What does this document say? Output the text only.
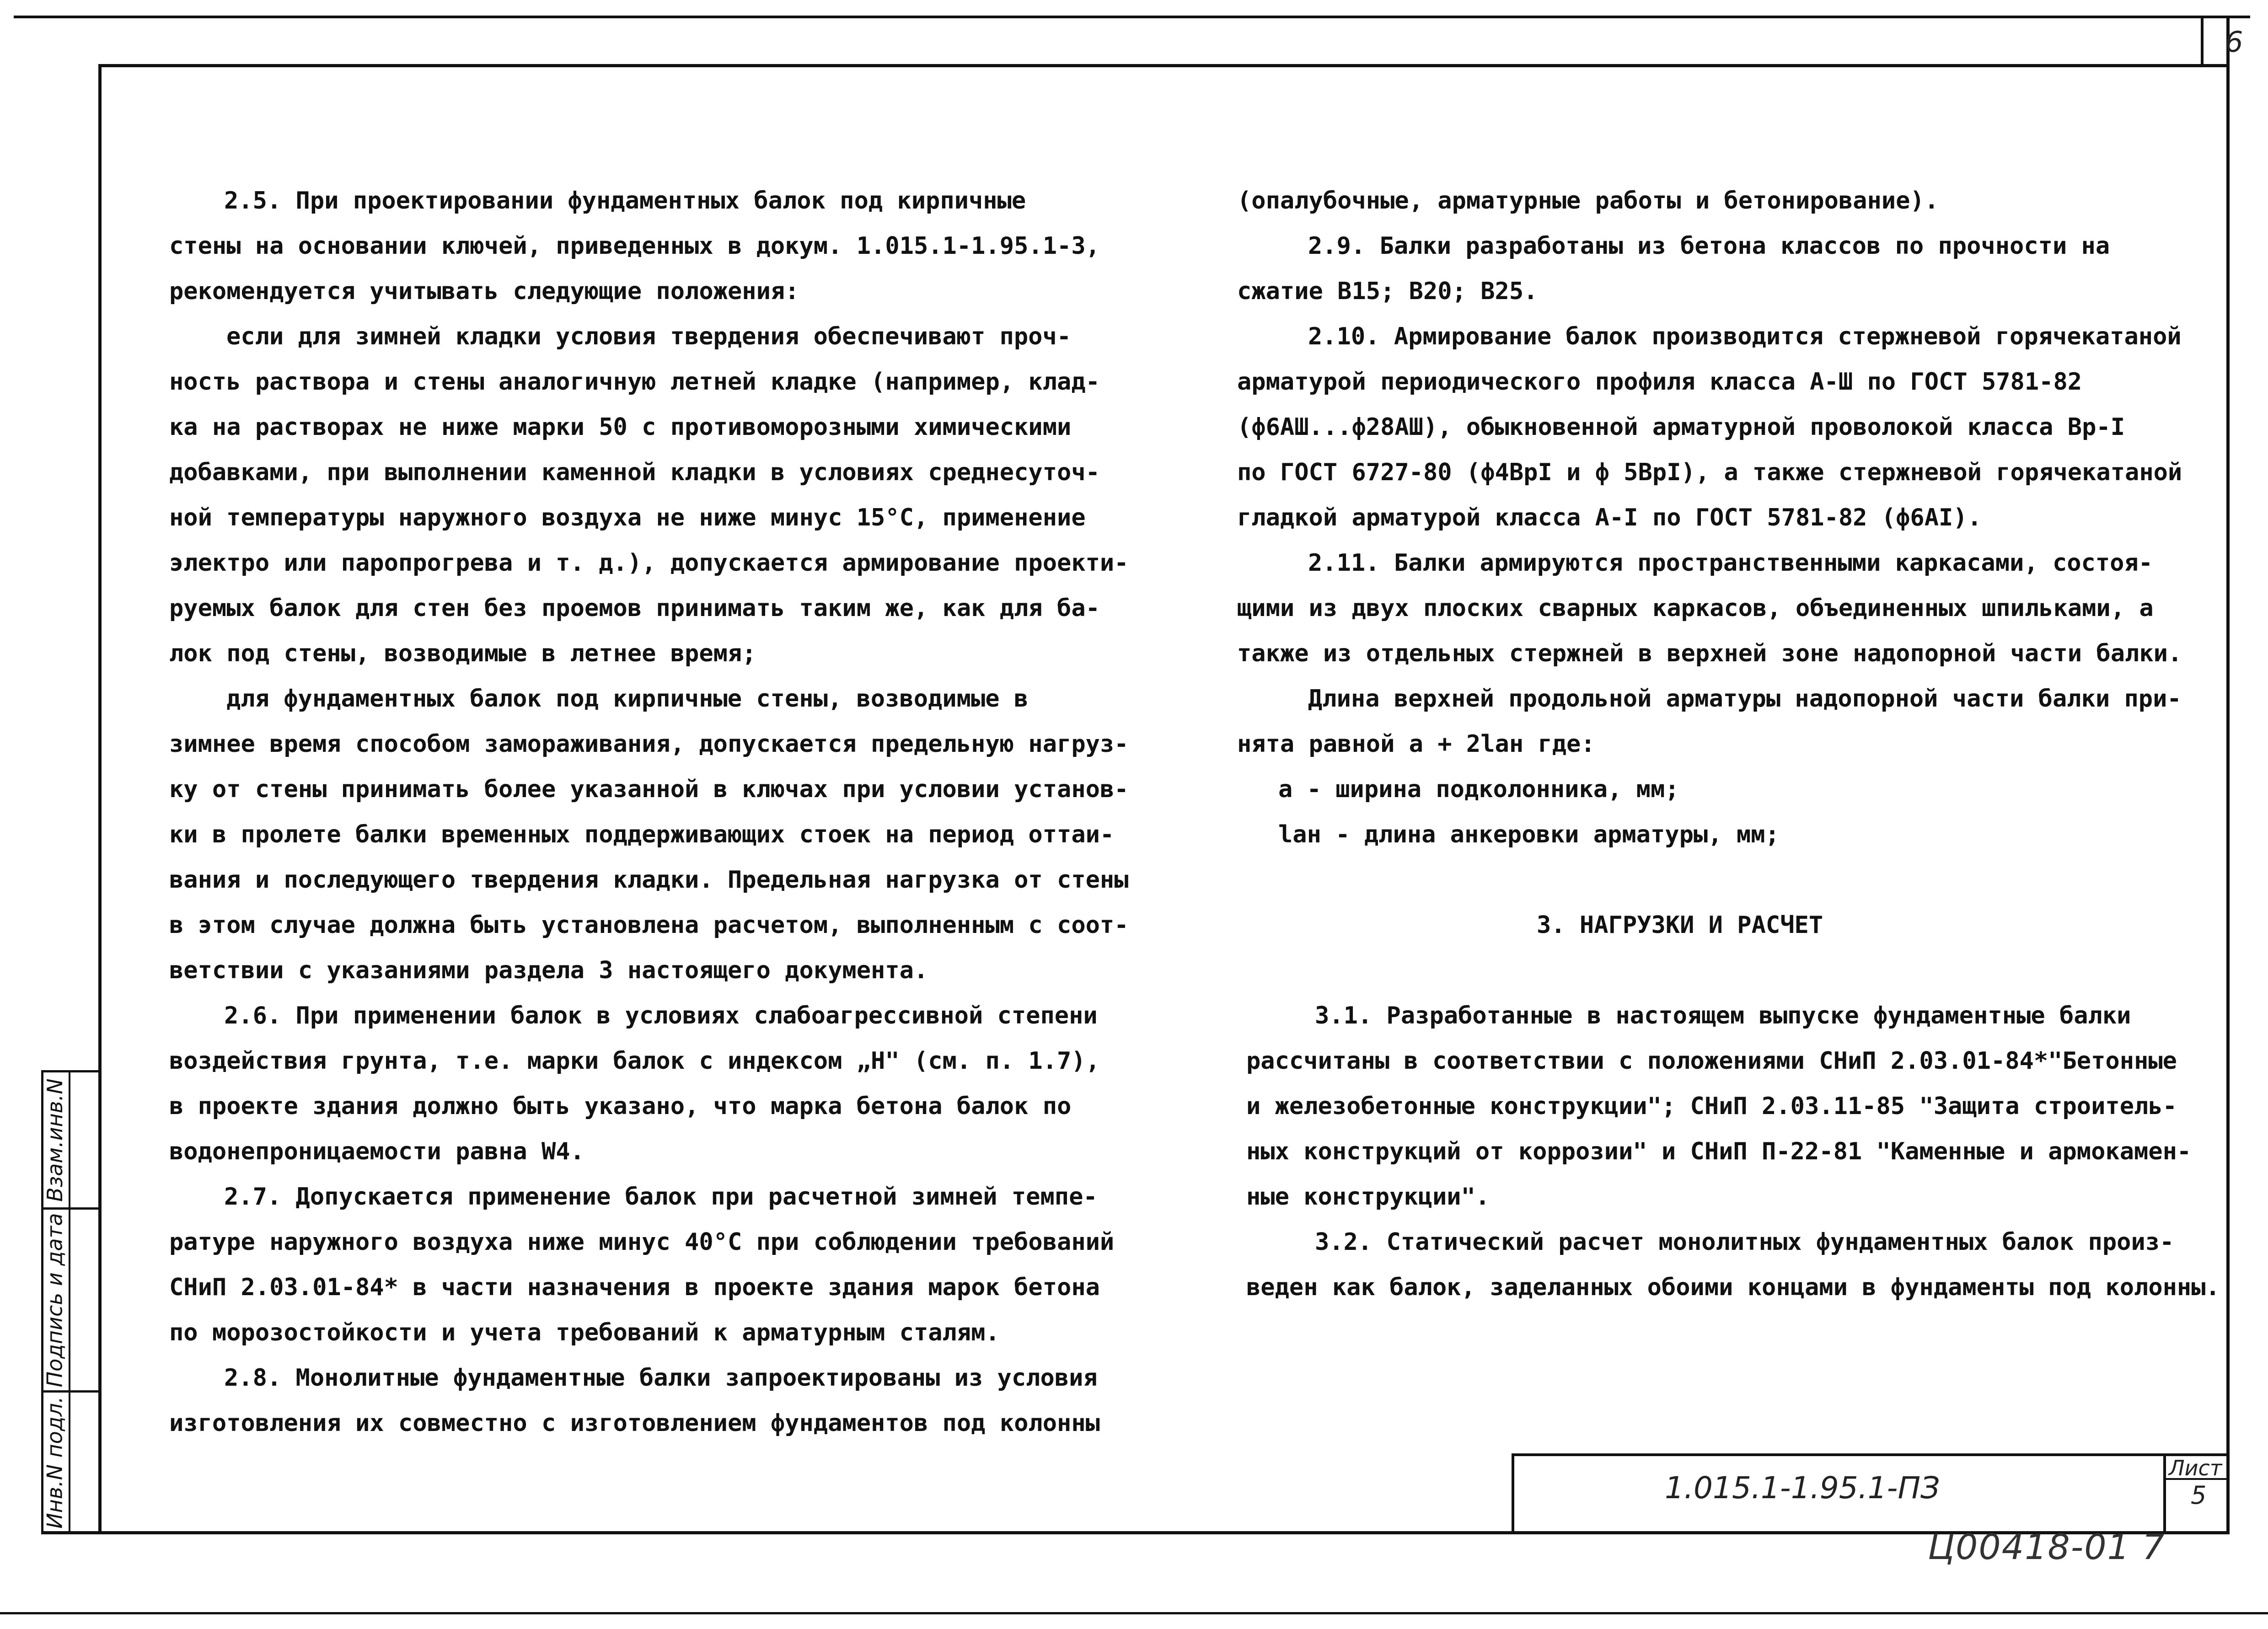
6
Взам.инв.N
Подпись и дата
Инв.N подл.	1.015.1-1.95.1-ПЗ
Лист
5
Ц00418-01 7
2.5. При проектировании фундаментных балок под кирпичные
стены на основании ключей, приведенных в докум. 1.015.1-1.95.1-3,
рекомендуется учитывать следующие положения:
если для зимней кладки условия твердения обеспечивают проч-
ность раствора и стены аналогичную летней кладке (например, клад-
ка на растворах не ниже марки 50 с противоморозными химическими
добавками, при выполнении каменной кладки в условиях среднесуточ-
ной температуры наружного воздуха не ниже минус 15°С, применение
электро или паропрогрева и т. д.), допускается армирование проекти-
руемых балок для стен без проемов принимать таким же, как для ба-
лок под стены, возводимые в летнее время;
для фундаментных балок под кирпичные стены, возводимые в
зимнее время способом замораживания, допускается предельную нагруз-
ку от стены принимать более указанной в ключах при условии установ-
ки в пролете балки временных поддерживающих стоек на период оттаи-
вания и последующего твердения кладки. Предельная нагрузка от стены
в этом случае должна быть установлена расчетом, выполненным с соот-
ветствии с указаниями раздела 3 настоящего документа.
2.6. При применении балок в условиях слабоагрессивной степени
воздействия грунта, т.е. марки балок с индексом „Н" (см. п. 1.7),
в проекте здания должно быть указано, что марка бетона балок по
водонепроницаемости равна W4.
2.7. Допускается применение балок при расчетной зимней темпе-
ратуре наружного воздуха ниже минус 40°С при соблюдении требований
СНиП 2.03.01-84* в части назначения в проекте здания марок бетона
по морозостойкости и учета требований к арматурным сталям.
2.8. Монолитные фундаментные балки запроектированы из условия
изготовления их совместно с изготовлением фундаментов под колонны
(опалубочные, арматурные работы и бетонирование).
2.9. Балки разработаны из бетона классов по прочности на
сжатие В15; В20; В25.
2.10. Армирование балок производится стержневой горячекатаной
арматурой периодического профиля класса А-Ш по ГОСТ 5781-82
(ф6АШ...ф28АШ), обыкновенной арматурной проволокой класса Вр-I
по ГОСТ 6727-80 (ф4ВрI и ф 5ВрI), а также стержневой горячекатаной
гладкой арматурой класса А-I по ГОСТ 5781-82 (ф6АI).
2.11. Балки армируются пространственными каркасами, состоя-
щими из двух плоских сварных каркасов, объединенных шпильками, а
также из отдельных стержней в верхней зоне надопорной части балки.
Длина верхней продольной арматуры надопорной части балки при-
нята равной а + 2lан где:
а - ширина подколонника, мм;
lан - длина анкеровки арматуры, мм;
3. НАГРУЗКИ И РАСЧЕТ
3.1. Разработанные в настоящем выпуске фундаментные балки
рассчитаны в соответствии с положениями СНиП 2.03.01-84*"Бетонные
и железобетонные конструкции"; СНиП 2.03.11-85 "Защита строитель-
ных конструкций от коррозии" и СНиП П-22-81 "Каменные и армокамен-
ные конструкции".
3.2. Статический расчет монолитных фундаментных балок произ-
веден как балок, заделанных обоими концами в фундаменты под колонны.
